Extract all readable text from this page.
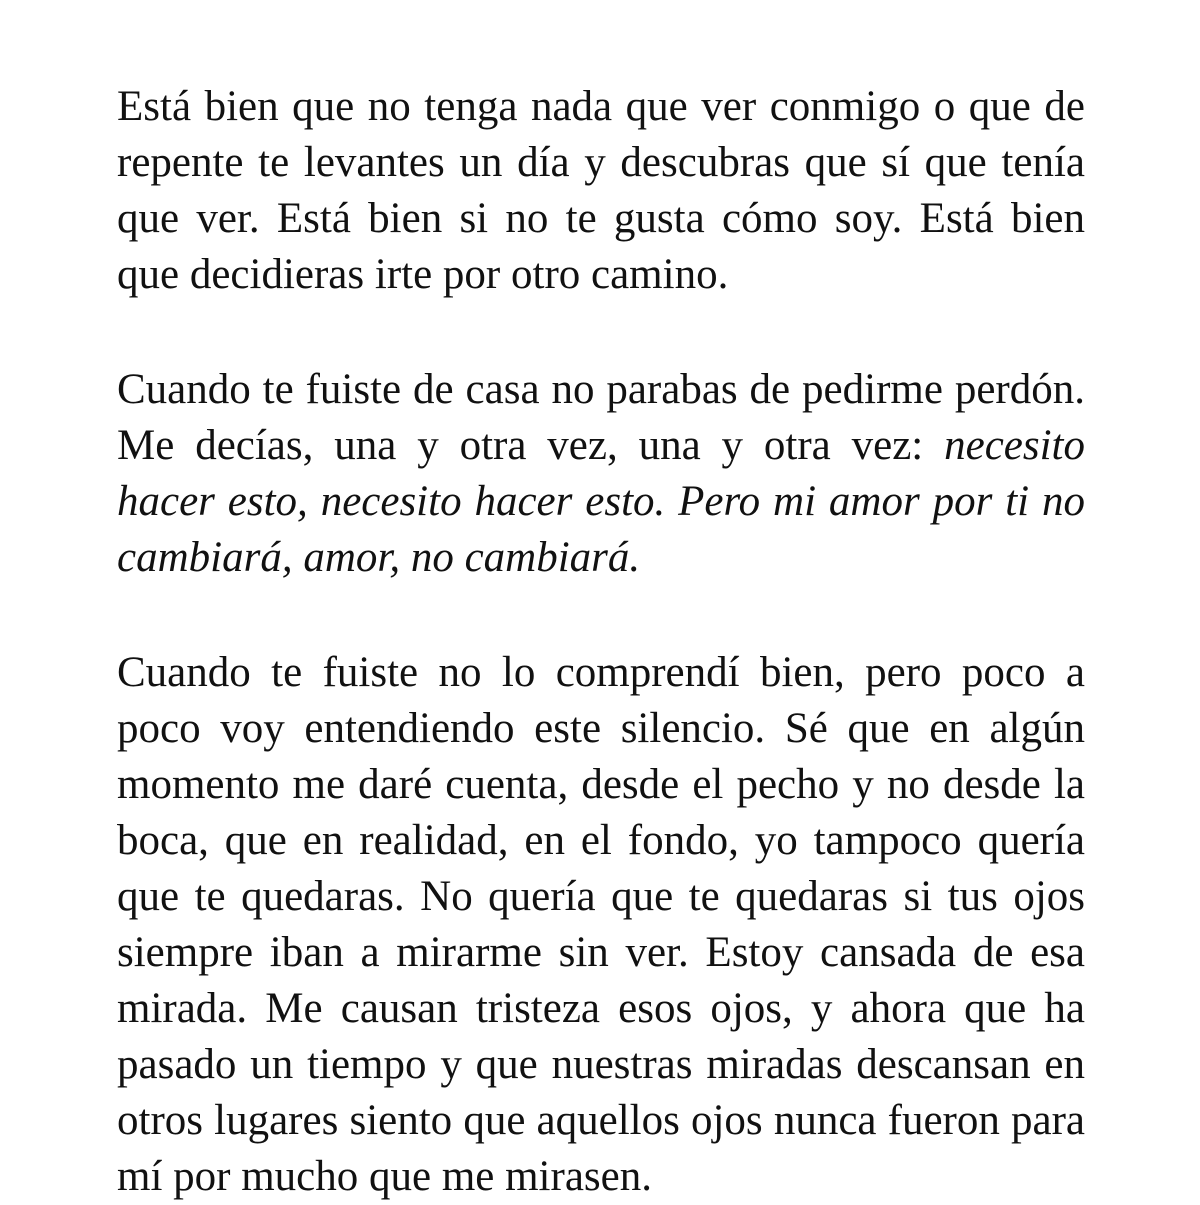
Está bien que no tenga nada que ver conmigo o que de repente te levantes un día y descubras que sí que tenía que ver. Está bien si no te gusta cómo soy. Está bien que decidieras irte por otro camino.

Cuando te fuiste de casa no parabas de pedirme perdón. Me decías, una y otra vez, una y otra vez: necesito hacer esto, necesito hacer esto. Pero mi amor por ti no cambiará, amor, no cambiará.

Cuando te fuiste no lo comprendí bien, pero poco a poco voy entendiendo este silencio. Sé que en algún momento me daré cuenta, desde el pecho y no desde la boca, que en realidad, en el fondo, yo tampoco quería que te quedaras. No quería que te quedaras si tus ojos siempre iban a mirarme sin ver. Estoy cansada de esa mirada. Me causan tristeza esos ojos, y ahora que ha pasado un tiempo y que nuestras miradas descansan en otros lugares siento que aquellos ojos nunca fueron para mí por mucho que me mirasen.
